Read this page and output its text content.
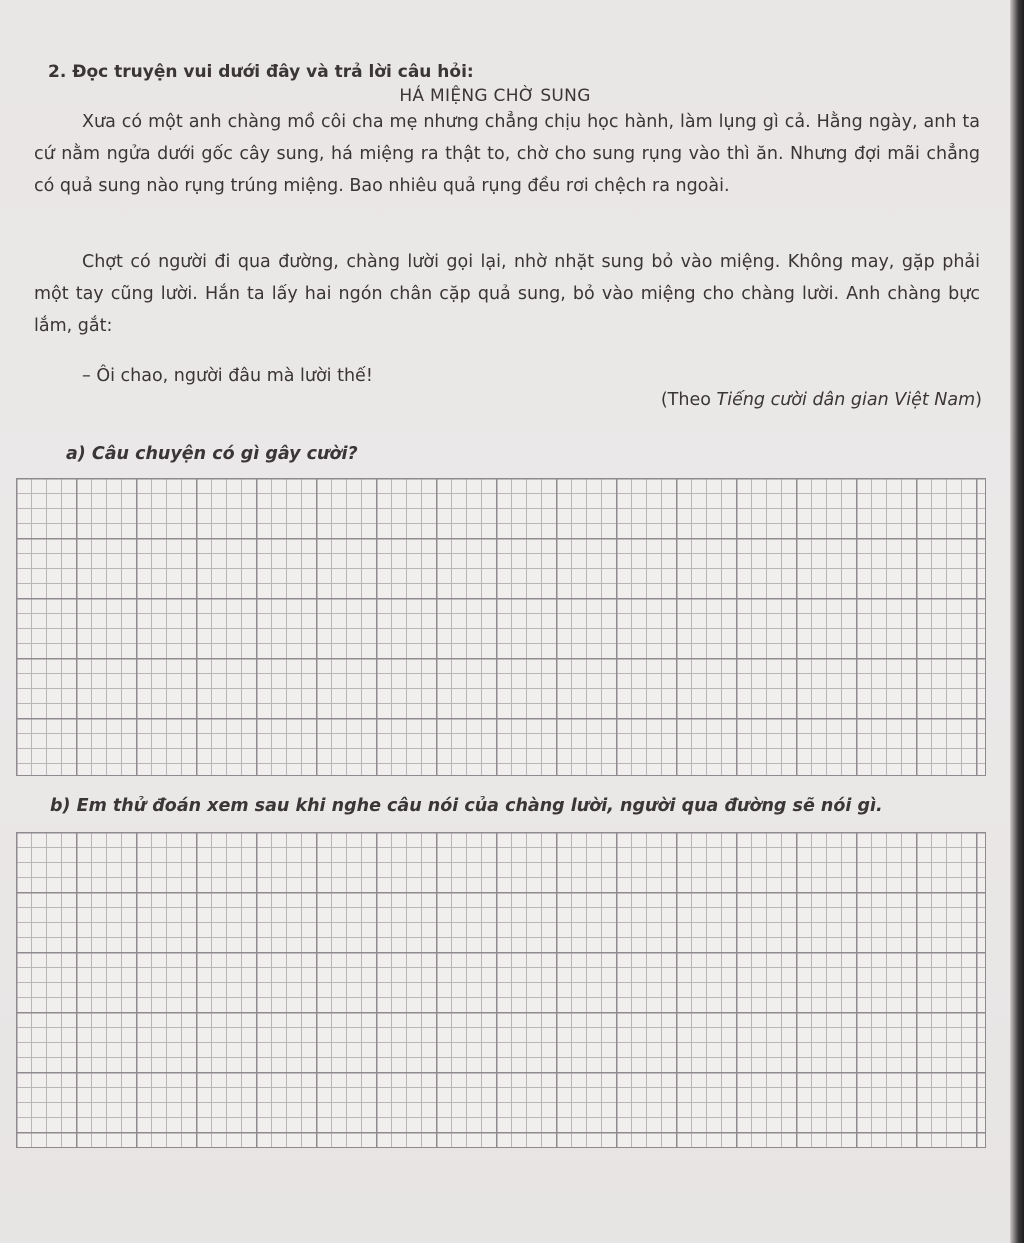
2. Đọc truyện vui dưới đây và trả lời câu hỏi:
HÁ MIỆNG CHỜ SUNG
Xưa có một anh chàng mồ côi cha mẹ nhưng chẳng chịu học hành, làm lụng gì cả. Hằng ngày, anh ta cứ nằm ngửa dưới gốc cây sung, há miệng ra thật to, chờ cho sung rụng vào thì ăn. Nhưng đợi mãi chẳng có quả sung nào rụng trúng miệng. Bao nhiêu quả rụng đều rơi chệch ra ngoài.
Chợt có người đi qua đường, chàng lười gọi lại, nhờ nhặt sung bỏ vào miệng. Không may, gặp phải một tay cũng lười. Hắn ta lấy hai ngón chân cặp quả sung, bỏ vào miệng cho chàng lười. Anh chàng bực lắm, gắt:
– Ôi chao, người đâu mà lười thế!
(Theo Tiếng cười dân gian Việt Nam)
a) Câu chuyện có gì gây cười?
b) Em thử đoán xem sau khi nghe câu nói của chàng lười, người qua đường sẽ nói gì.
